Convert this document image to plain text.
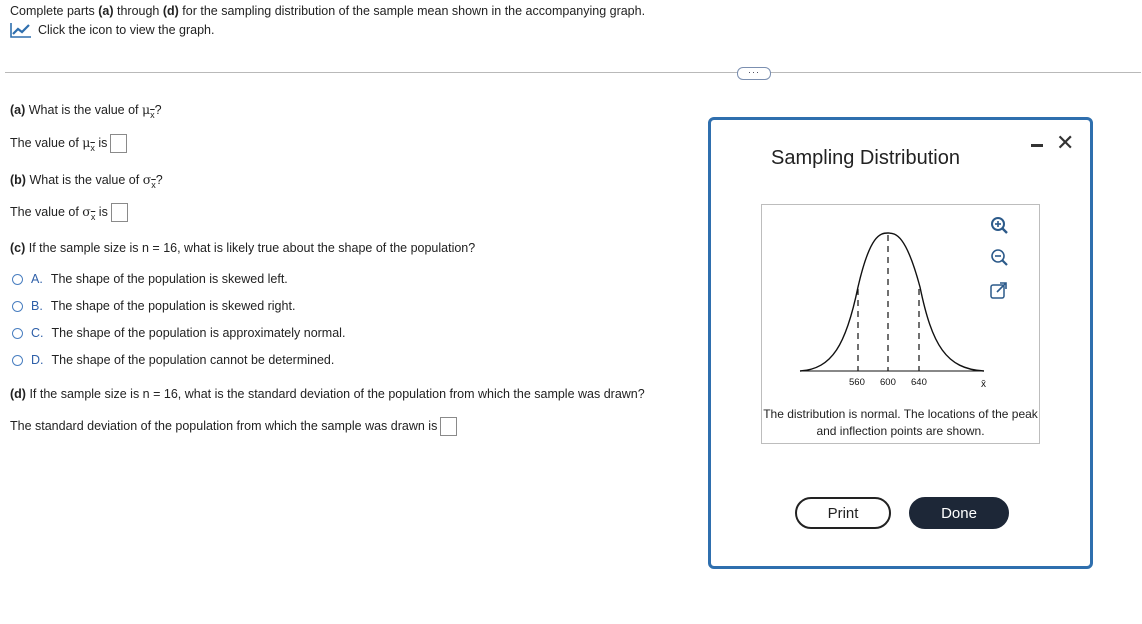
Complete parts (a) through (d) for the sampling distribution of the sample mean shown in the accompanying graph.
Click the icon to view the graph.
···
(a) What is the value of $\mu_{\overline{x}}$?
The value of $\mu_{\overline{x}}$ is
(b) What is the value of $\sigma_{\overline{x}}$?
The value of $\sigma_{\overline{x}}$ is
(c) If the sample size is n = 16, what is likely true about the shape of the population?
A. The shape of the population is skewed left.
B. The shape of the population is skewed right.
C. The shape of the population is approximately normal.
D. The shape of the population cannot be determined.
(d) If the sample size is n = 16, what is the standard deviation of the population from which the sample was drawn?
The standard deviation of the population from which the sample was drawn is
Sampling Distribution
✕
560 600 640	x̄
The distribution is normal. The locations of the peak and inflection points are shown.
Print	Done
